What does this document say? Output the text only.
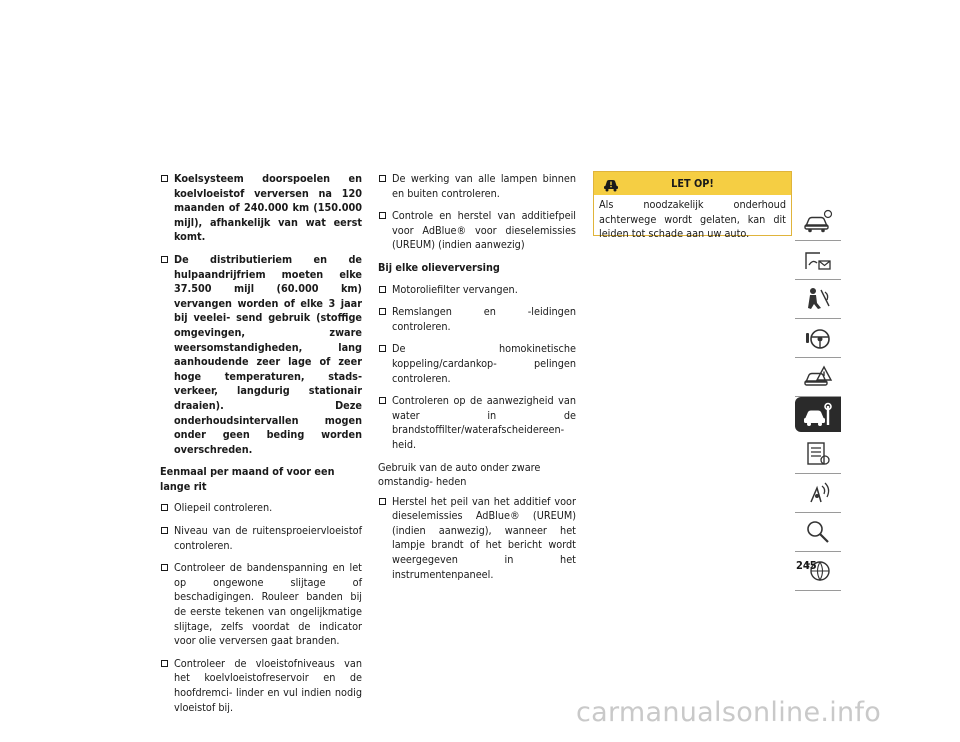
Koelsysteem doorspoelen en koelvloeistof verversen na 120 maanden of 240.000 km (150.000 mijl), afhankelijk van wat eerst komt.
De distributieriem en de hulpaandrijfriem moeten elke 37.500 mijl (60.000 km) vervangen worden of elke 3 jaar bij veelei- send gebruik (stoffige omgevingen, zware weersomstandigheden, lang aanhoudende zeer lage of zeer hoge temperaturen, stads- verkeer, langdurig stationair draaien). Deze onderhoudsintervallen mogen onder geen beding worden overschreden.
Eenmaal per maand of voor een lange rit
Oliepeil controleren.
Niveau van de ruitensproeiervloeistof controleren.
Controleer de bandenspanning en let op ongewone slijtage of beschadigingen. Rouleer banden bij de eerste tekenen van ongelijkmatige slijtage, zelfs voordat de indicator voor olie verversen gaat branden.
Controleer de vloeistofniveaus van het koelvloeistofreservoir en de hoofdremci- linder en vul indien nodig vloeistof bij.
De werking van alle lampen binnen en buiten controleren.
Controle en herstel van additiefpeil voor AdBlue® voor dieselemissies (UREUM) (indien aanwezig)
Bij elke olieverversing
Motoroliefilter vervangen.
Remslangen en -leidingen controleren.
De homokinetische koppeling/cardankop- pelingen controleren.
Controleren op de aanwezigheid van water in de brandstoffilter/waterafscheidereen- heid.
Gebruik van de auto onder zware omstandig- heden
Herstel het peil van het additief voor dieselemissies AdBlue® (UREUM) (indien aanwezig), wanneer het lampje brandt of het bericht wordt weergegeven in het instrumentenpaneel.
LET OP!
Als noodzakelijk onderhoud achterwege wordt gelaten, kan dit leiden tot schade aan uw auto.
245
carmanualsonline.info
